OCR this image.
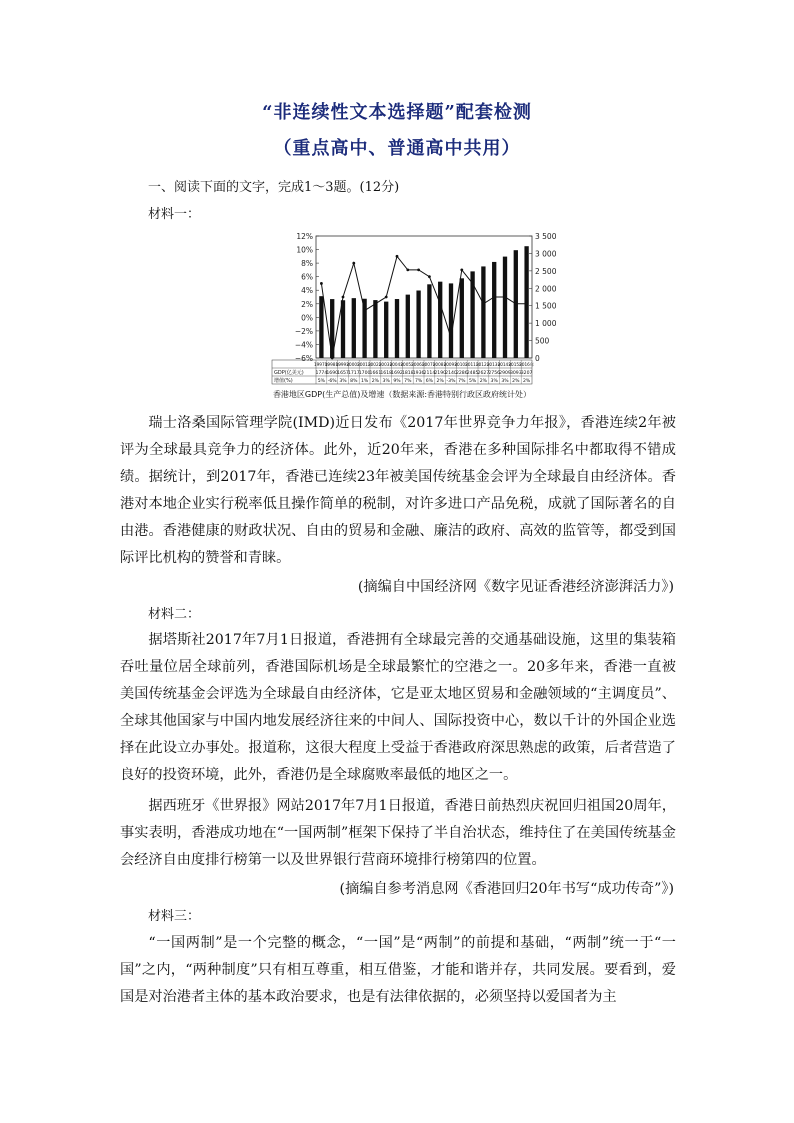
“非连续性文本选择题”配套检测
（重点高中、普通高中共用）
一、阅读下面的文字，完成1～3题。(12分)
材料一：
12%
10%
8%
6%
4%
2%
0%
−2%
−4%
−6%
3 500
3 000
2 500
2 000
1 500
1 000
500
0
1997年
1774
5%
1998年
1690
-6%
1999年
1657
3%
2000年
1717
8%
2001年
1700
1%
2002年
1661
2%
2003年
1618
3%
2004年
1692
9%
2005年
1818
7%
2006年
1936
7%
2007年
2114
6%
2008年
2190
2%
2009年
2140
-3%
2010年
2286
7%
2011年
2485
5%
2012年
2627
2%
2013年
2756
3%
2014年
2909
3%
2015年
3093
2%
2016年
3207
2%
GDP(亿美元)
增值(%)
香港地区GDP(生产总值)及增速（数据来源:香港特别行政区政府统计处）
瑞士洛桑国际管理学院(IMD)近日发布《2017年世界竞争力年报》，香港连续2年被评为全球最具竞争力的经济体。此外，近20年来，香港在多种国际排名中都取得不错成绩。据统计，到2017年，香港已连续23年被美国传统基金会评为全球最自由经济体。香港对本地企业实行税率低且操作简单的税制，对许多进口产品免税，成就了国际著名的自由港。香港健康的财政状况、自由的贸易和金融、廉洁的政府、高效的监管等，都受到国际评比机构的赞誉和青睐。
(摘编自中国经济网《数字见证香港经济澎湃活力》)
材料二：
据塔斯社2017年7月1日报道，香港拥有全球最完善的交通基础设施，这里的集装箱吞吐量位居全球前列，香港国际机场是全球最繁忙的空港之一。20多年来，香港一直被美国传统基金会评选为全球最自由经济体，它是亚太地区贸易和金融领域的“主调度员”、全球其他国家与中国内地发展经济往来的中间人、国际投资中心，数以千计的外国企业选择在此设立办事处。报道称，这很大程度上受益于香港政府深思熟虑的政策，后者营造了良好的投资环境，此外，香港仍是全球腐败率最低的地区之一。
据西班牙《世界报》网站2017年7月1日报道，香港日前热烈庆祝回归祖国20周年，事实表明，香港成功地在“一国两制”框架下保持了半自治状态，维持住了在美国传统基金会经济自由度排行榜第一以及世界银行营商环境排行榜第四的位置。
(摘编自参考消息网《香港回归20年书写“成功传奇”》)
材料三：
“一国两制”是一个完整的概念，“一国”是“两制”的前提和基础，“两制”统一于“一国”之内，“两种制度”只有相互尊重，相互借鉴，才能和谐并存，共同发展。要看到，爱国是对治港者主体的基本政治要求，也是有法律依据的，必须坚持以爱国者为主
